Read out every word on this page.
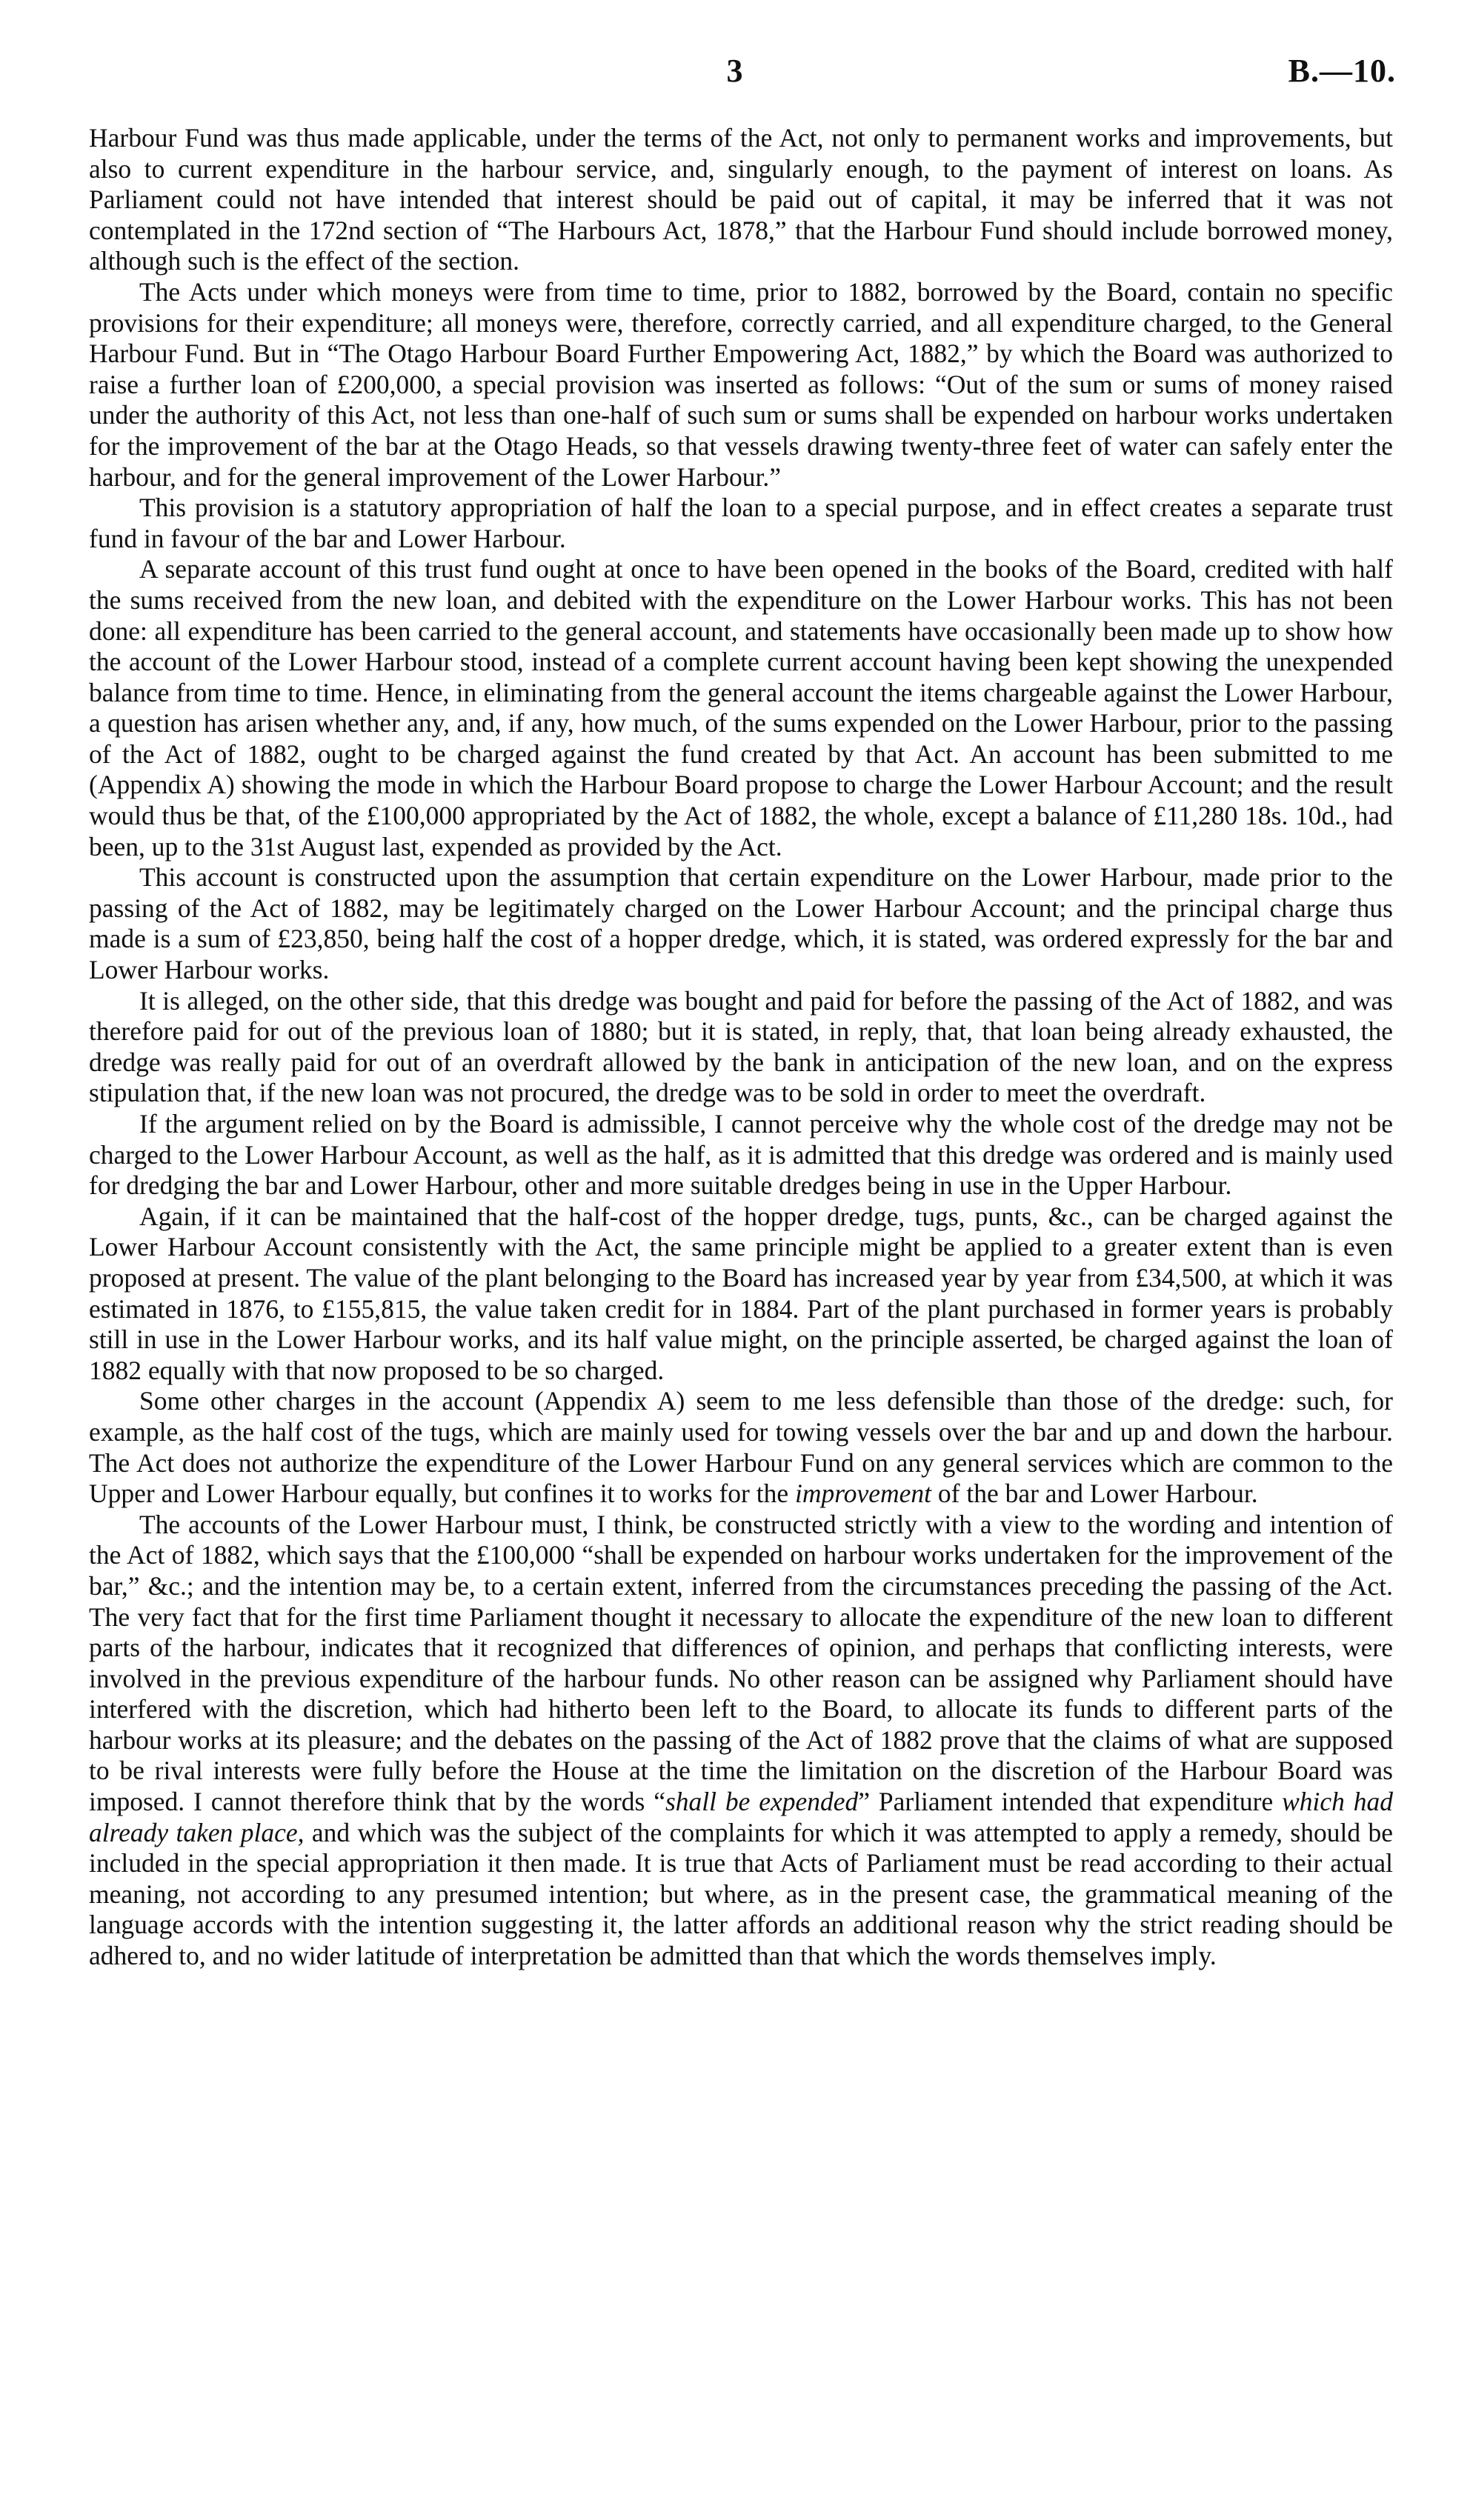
3	B.—10.

Harbour Fund was thus made applicable, under the terms of the Act, not only to permanent works and improvements, but also to current expenditure in the harbour service, and, singularly enough, to the payment of interest on loans. As Parliament could not have intended that interest should be paid out of capital, it may be inferred that it was not contemplated in the 172nd section of “The Harbours Act, 1878,” that the Harbour Fund should include borrowed money, although such is the effect of the section.

The Acts under which moneys were from time to time, prior to 1882, borrowed by the Board, contain no specific provisions for their expenditure; all moneys were, therefore, correctly carried, and all expenditure charged, to the General Harbour Fund. But in “The Otago Harbour Board Further Empowering Act, 1882,” by which the Board was authorized to raise a further loan of £200,000, a special provision was inserted as follows: “Out of the sum or sums of money raised under the authority of this Act, not less than one-half of such sum or sums shall be expended on harbour works undertaken for the improvement of the bar at the Otago Heads, so that vessels drawing twenty-three feet of water can safely enter the harbour, and for the general improvement of the Lower Harbour.”

This provision is a statutory appropriation of half the loan to a special purpose, and in effect creates a separate trust fund in favour of the bar and Lower Harbour.

A separate account of this trust fund ought at once to have been opened in the books of the Board, credited with half the sums received from the new loan, and debited with the expenditure on the Lower Harbour works. This has not been done: all expenditure has been carried to the general account, and statements have occasionally been made up to show how the account of the Lower Harbour stood, instead of a complete current account having been kept showing the unexpended balance from time to time. Hence, in eliminating from the general account the items chargeable against the Lower Harbour, a question has arisen whether any, and, if any, how much, of the sums expended on the Lower Harbour, prior to the passing of the Act of 1882, ought to be charged against the fund created by that Act. An account has been submitted to me (Appendix A) showing the mode in which the Harbour Board propose to charge the Lower Harbour Account; and the result would thus be that, of the £100,000 appropriated by the Act of 1882, the whole, except a balance of £11,280 18s. 10d., had been, up to the 31st August last, expended as provided by the Act.

This account is constructed upon the assumption that certain expenditure on the Lower Harbour, made prior to the passing of the Act of 1882, may be legitimately charged on the Lower Harbour Account; and the principal charge thus made is a sum of £23,850, being half the cost of a hopper dredge, which, it is stated, was ordered expressly for the bar and Lower Harbour works.

It is alleged, on the other side, that this dredge was bought and paid for before the passing of the Act of 1882, and was therefore paid for out of the previous loan of 1880; but it is stated, in reply, that, that loan being already exhausted, the dredge was really paid for out of an overdraft allowed by the bank in anticipation of the new loan, and on the express stipulation that, if the new loan was not procured, the dredge was to be sold in order to meet the overdraft.

If the argument relied on by the Board is admissible, I cannot perceive why the whole cost of the dredge may not be charged to the Lower Harbour Account, as well as the half, as it is admitted that this dredge was ordered and is mainly used for dredging the bar and Lower Harbour, other and more suitable dredges being in use in the Upper Harbour.

Again, if it can be maintained that the half-cost of the hopper dredge, tugs, punts, &c., can be charged against the Lower Harbour Account consistently with the Act, the same principle might be applied to a greater extent than is even proposed at present. The value of the plant belonging to the Board has increased year by year from £34,500, at which it was estimated in 1876, to £155,815, the value taken credit for in 1884. Part of the plant purchased in former years is probably still in use in the Lower Harbour works, and its half value might, on the principle asserted, be charged against the loan of 1882 equally with that now proposed to be so charged.

Some other charges in the account (Appendix A) seem to me less defensible than those of the dredge: such, for example, as the half cost of the tugs, which are mainly used for towing vessels over the bar and up and down the harbour. The Act does not authorize the expenditure of the Lower Harbour Fund on any general services which are common to the Upper and Lower Harbour equally, but confines it to works for the improvement of the bar and Lower Harbour.

The accounts of the Lower Harbour must, I think, be constructed strictly with a view to the wording and intention of the Act of 1882, which says that the £100,000 “shall be expended on harbour works undertaken for the improvement of the bar,” &c.; and the intention may be, to a certain extent, inferred from the circumstances preceding the passing of the Act. The very fact that for the first time Parliament thought it necessary to allocate the expenditure of the new loan to different parts of the harbour, indicates that it recognized that differences of opinion, and perhaps that conflicting interests, were involved in the previous expenditure of the harbour funds. No other reason can be assigned why Parliament should have interfered with the discretion, which had hitherto been left to the Board, to allocate its funds to different parts of the harbour works at its pleasure; and the debates on the passing of the Act of 1882 prove that the claims of what are supposed to be rival interests were fully before the House at the time the limitation on the discretion of the Harbour Board was imposed. I cannot therefore think that by the words “shall be expended” Parliament intended that expenditure which had already taken place, and which was the subject of the complaints for which it was attempted to apply a remedy, should be included in the special appropriation it then made. It is true that Acts of Parliament must be read according to their actual meaning, not according to any presumed intention; but where, as in the present case, the grammatical meaning of the language accords with the intention suggesting it, the latter affords an additional reason why the strict reading should be adhered to, and no wider latitude of interpretation be admitted than that which the words themselves imply.
